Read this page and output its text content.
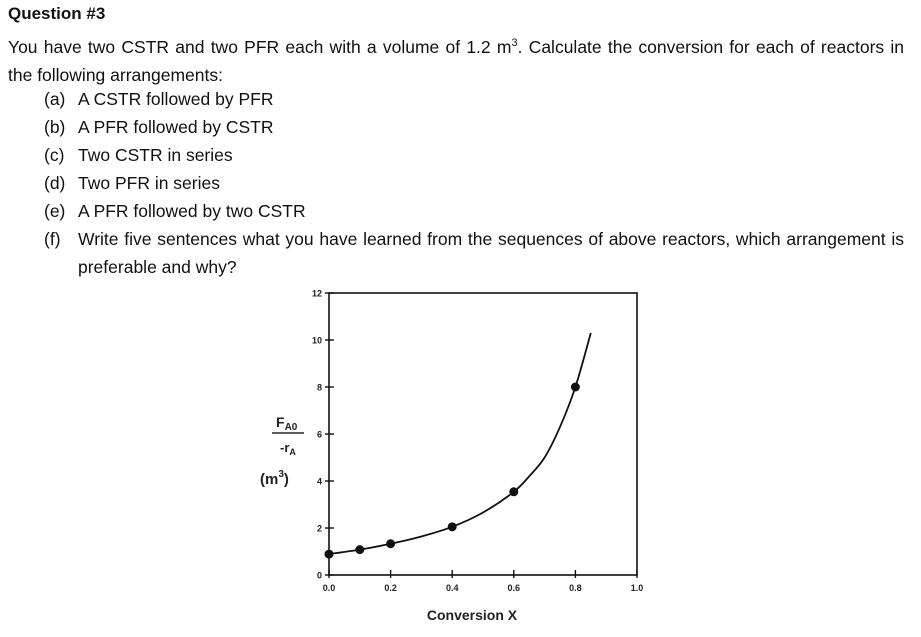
Question #3
You have two CSTR and two PFR each with a volume of 1.2 $m^3$. Calculate the conversion for each of reactors in the following arrangements:
(a) A CSTR followed by PFR
(b) A PFR followed by CSTR
(c) Two CSTR in series
(d) Two PFR in series
(e) A PFR followed by two CSTR
(f) Write five sentences what you have learned from the sequences of above reactors, which arrangement is preferable and why?
0.0	0.2	0.4	0.6	0.8	1.0
0
2
4
6
8
10
12
Conversion X
$F_{A0}$
$-r_A$
$(m^3)$
